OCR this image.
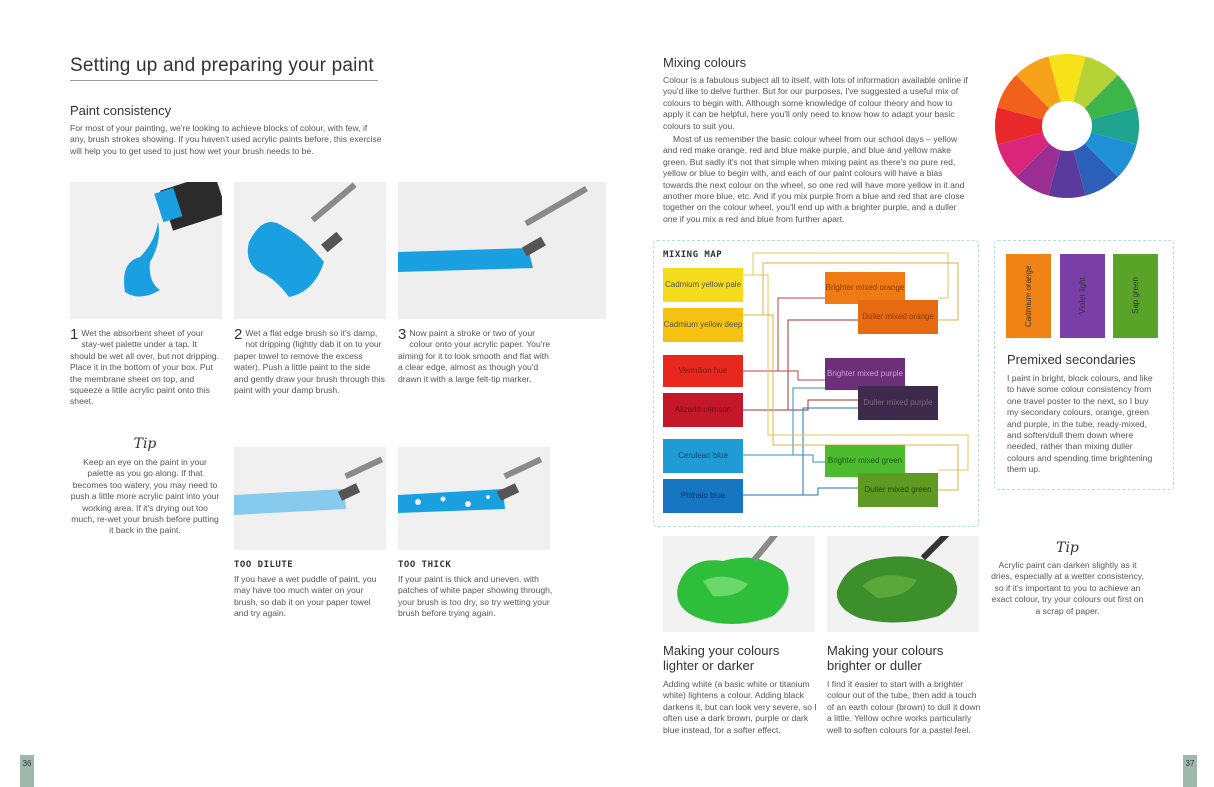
Setting up and preparing your paint
Paint consistency
For most of your painting, we're looking to achieve blocks of colour, with few, if any, brush strokes showing. If you haven't used acrylic paints before, this exercise will help you to get used to just how wet your brush needs to be.
1 Wet the absorbent sheet of your stay-wet palette under a tap. It should be wet all over, but not dripping. Place it in the bottom of your box. Put the membrane sheet on top, and squeeze a little acrylic paint onto this sheet.
2 Wet a flat edge brush so it's damp, not dripping (lightly dab it on to your paper towel to remove the excess water). Push a little paint to the side and gently draw your brush through this paint with your damp brush.
3 Now paint a stroke or two of your colour onto your acrylic paper. You're aiming for it to look smooth and flat with a clear edge, almost as though you'd drawn it with a large felt-tip marker.
Tip
Keep an eye on the paint in your palette as you go along. If that becomes too watery, you may need to push a little more acrylic paint into your working area. If it's drying out too much, re-wet your brush before putting it back in the paint.
TOO DILUTE
If you have a wet puddle of paint, you may have too much water on your brush, so dab it on your paper towel and try again.
TOO THICK
If your paint is thick and uneven, with patches of white paper showing through, your brush is too dry, so try wetting your brush before trying again.
36
Mixing colours
Colour is a fabulous subject all to itself, with lots of information available online if you'd like to delve further. But for our purposes, I've suggested a useful mix of colours to begin with. Although some knowledge of colour theory and how to apply it can be helpful, here you'll only need to know how to adapt your basic colours to suit you.
Most of us remember the basic colour wheel from our school days – yellow and red make orange, red and blue make purple, and blue and yellow make green. But sadly it's not that simple when mixing paint as there's no pure red, yellow or blue to begin with, and each of our paint colours will have a bias towards the next colour on the wheel, so one red will have more yellow in it and another more blue, etc. And if you mix purple from a blue and red that are close together on the colour wheel, you'll end up with a brighter purple, and a duller one if you mix a red and blue from further apart.
MIXING MAP
Cadmium yellow pale
Cadmium yellow deep
Vermilion hue
Alizarin crimson
Cerulean blue
Phthalo blue
Brighter mixed orange
Duller mixed orange
Brighter mixed purple
Duller mixed purple
Brighter mixed green
Duller mixed green
Cadmium orange	Violet light	Sap green
Premixed secondaries
I paint in bright, block colours, and like to have some colour consistency from one travel poster to the next, so I buy my secondary colours, orange, green and purple, in the tube, ready-mixed, and soften/dull them down where needed, rather than mixing duller colours and spending time brightening them up.
Making your colours lighter or darker
Adding white (a basic white or titanium white) lightens a colour. Adding black darkens it, but can look very severe, so I often use a dark brown, purple or dark blue instead, for a softer effect.
Making your colours brighter or duller
I find it easier to start with a brighter colour out of the tube, then add a touch of an earth colour (brown) to dull it down a little. Yellow ochre works particularly well to soften colours for a pastel feel.
Tip
Acrylic paint can darken slightly as it dries, especially at a wetter consistency, so if it's important to you to achieve an exact colour, try your colours out first on a scrap of paper.
37
